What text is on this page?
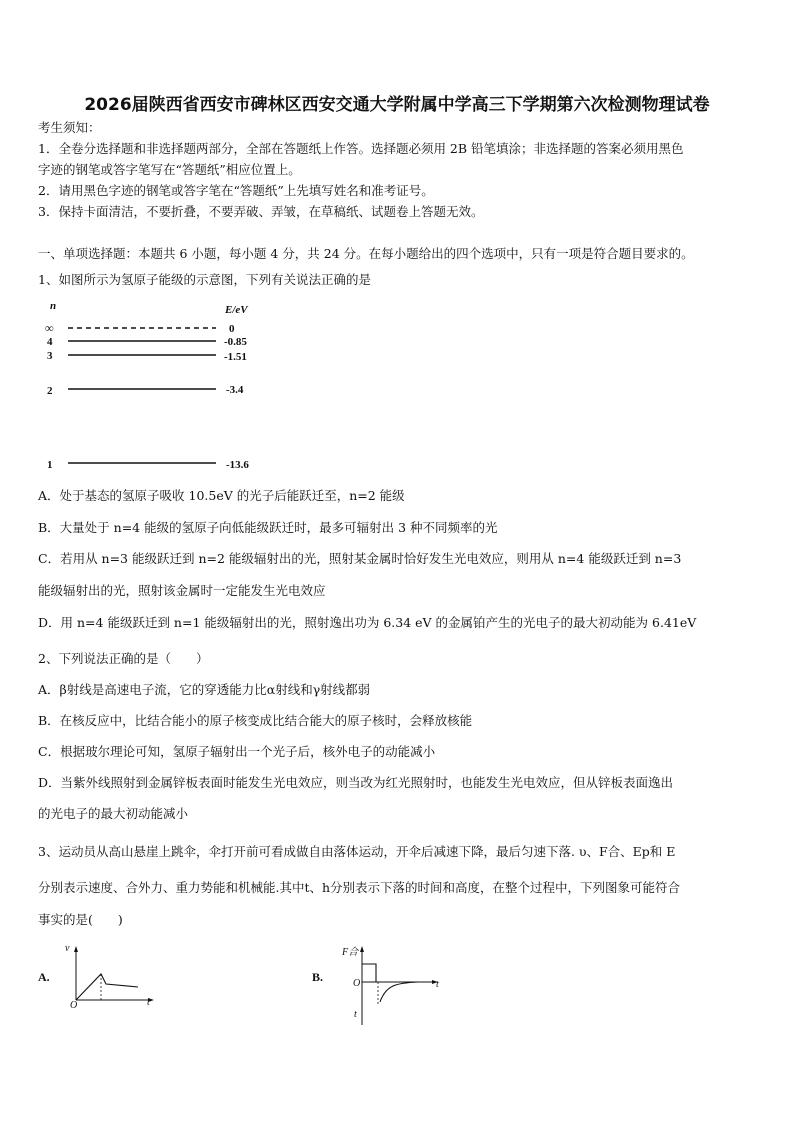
2026届陕西省西安市碑林区西安交通大学附属中学高三下学期第六次检测物理试卷
考生须知：
1．全卷分选择题和非选择题两部分，全部在答题纸上作答。选择题必须用 2B 铅笔填涂；非选择题的答案必须用黑色
字迹的钢笔或答字笔写在“答题纸”相应位置上。
2．请用黑色字迹的钢笔或答字笔在“答题纸”上先填写姓名和准考证号。
3．保持卡面清洁，不要折叠，不要弄破、弄皱，在草稿纸、试题卷上答题无效。
一、单项选择题：本题共 6 小题，每小题 4 分，共 24 分。在每小题给出的四个选项中，只有一项是符合题目要求的。
1、如图所示为氢原子能级的示意图，下列有关说法正确的是
n	E/eV
∞
4
3
2
1
0
-0.85
-1.51
-3.4
-13.6
A．处于基态的氢原子吸收 10.5eV 的光子后能跃迁至，n=2 能级
B．大量处于 n=4 能级的氢原子向低能级跃迁时，最多可辐射出 3 种不同频率的光
C．若用从 n=3 能级跃迁到 n=2 能级辐射出的光，照射某金属时恰好发生光电效应，则用从 n=4 能级跃迁到 n=3
能级辐射出的光，照射该金属时一定能发生光电效应
D．用 n=4 能级跃迁到 n=1 能级辐射出的光，照射逸出功为 6.34 eV 的金属铂产生的光电子的最大初动能为 6.41eV
2、下列说法正确的是（　　）
A．β射线是高速电子流，它的穿透能力比α射线和γ射线都弱
B．在核反应中，比结合能小的原子核变成比结合能大的原子核时，会释放核能
C．根据玻尔理论可知，氢原子辐射出一个光子后，核外电子的动能减小
D．当紫外线照射到金属锌板表面时能发生光电效应，则当改为红光照射时，也能发生光电效应，但从锌板表面逸出
的光电子的最大初动能减小
3、运动员从高山悬崖上跳伞，伞打开前可看成做自由落体运动，开伞后减速下降，最后匀速下落. υ、F合、Ep和 E
分别表示速度、合外力、重力势能和机械能.其中t、h分别表示下落的时间和高度，在整个过程中，下列图象可能符合
事实的是(　　)
A.
v
t
O
B.
F合
t
O
t
